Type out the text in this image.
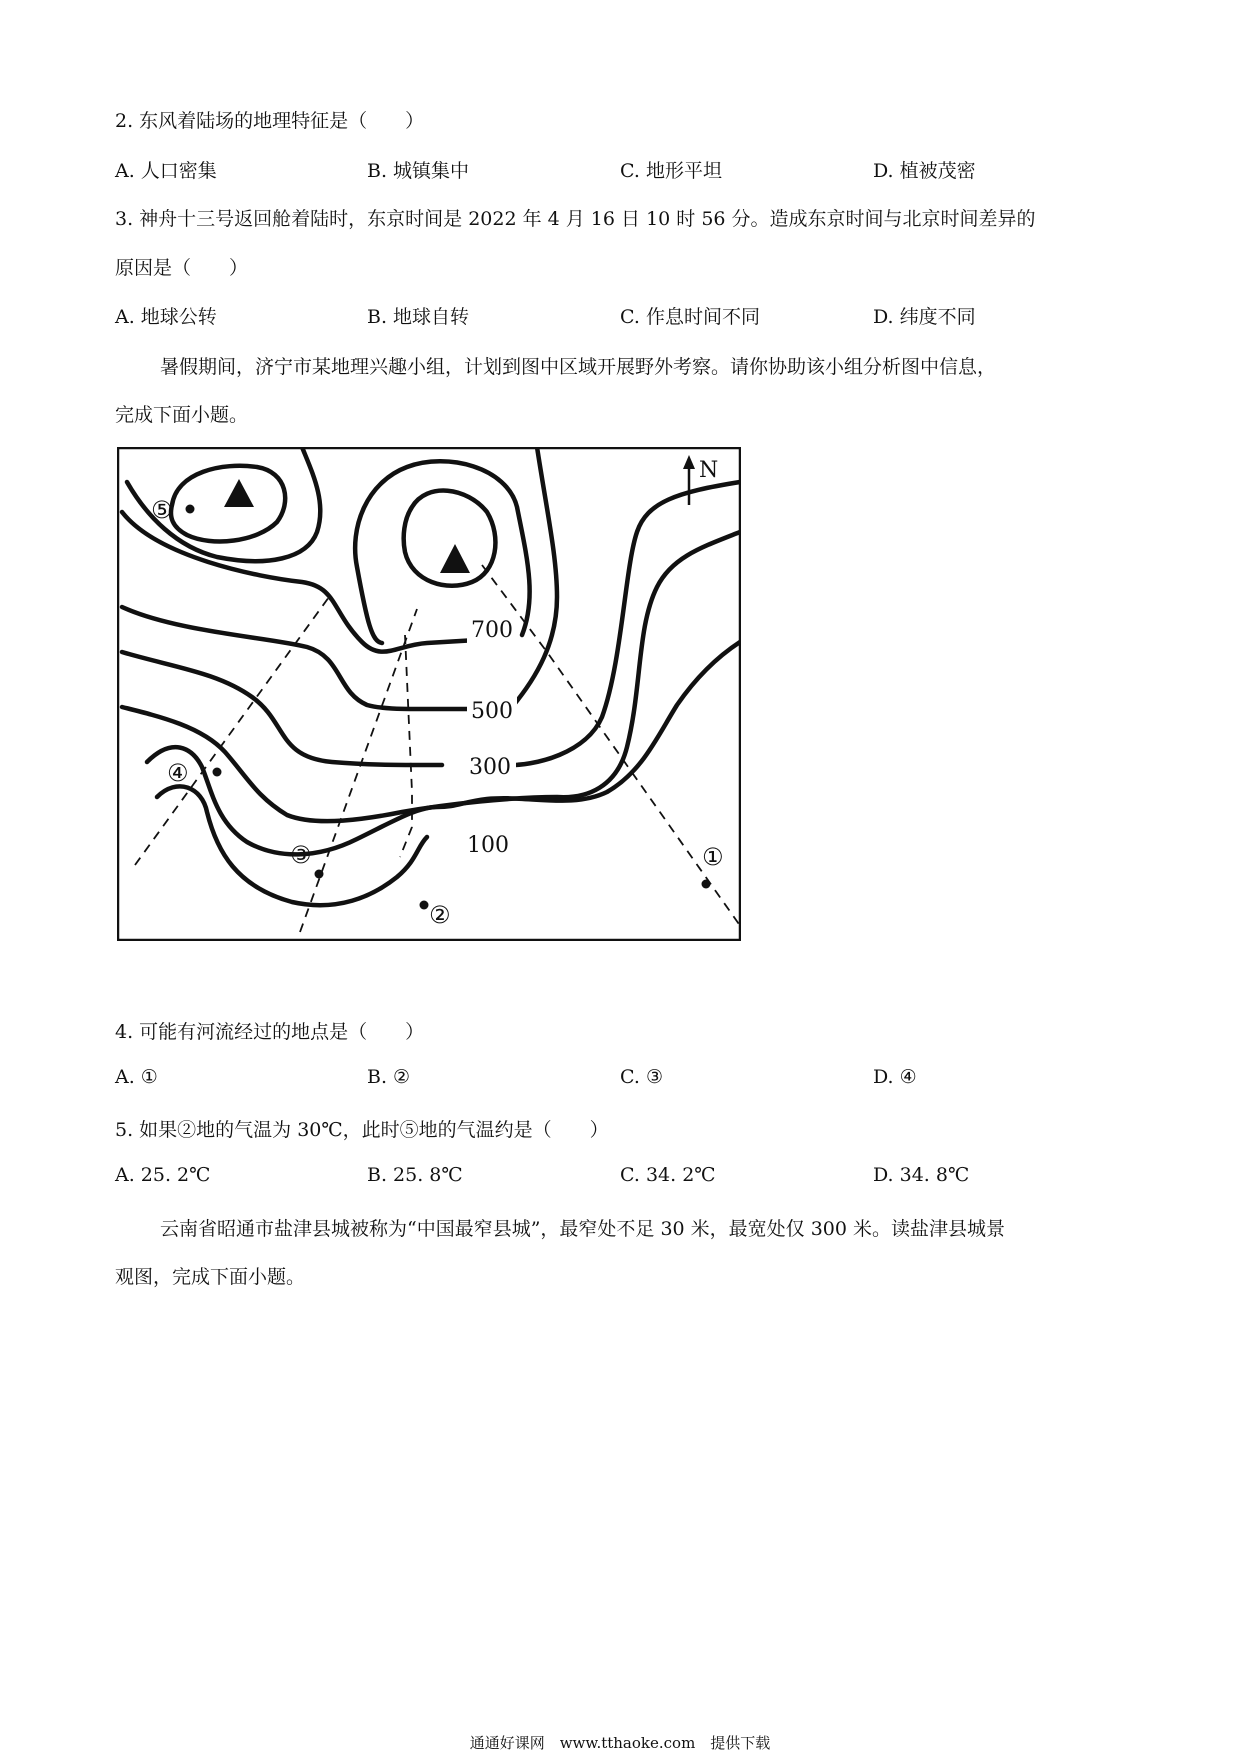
2. 东风着陆场的地理特征是（　　）
A. 人口密集	B. 城镇集中	C. 地形平坦	D. 植被茂密
3. 神舟十三号返回舱着陆时，东京时间是 2022 年 4 月 16 日 10 时 56 分。造成东京时间与北京时间差异的
原因是（　　）
A. 地球公转	B. 地球自转	C. 作息时间不同	D. 纬度不同
暑假期间，济宁市某地理兴趣小组，计划到图中区域开展野外考察。请你协助该小组分析图中信息，
完成下面小题。
N
700
500
300
100	①
②
③
④
⑤
4. 可能有河流经过的地点是（　　）
A. ①	B. ②	C. ③	D. ④
5. 如果②地的气温为 30℃，此时⑤地的气温约是（　　）
A. 25. 2℃	B. 25. 8℃	C. 34. 2℃	D. 34. 8℃
云南省昭通市盐津县城被称为“中国最窄县城”，最窄处不足 30 米，最宽处仅 300 米。读盐津县城景
观图，完成下面小题。
通通好课网　www.tthaoke.com　提供下载
